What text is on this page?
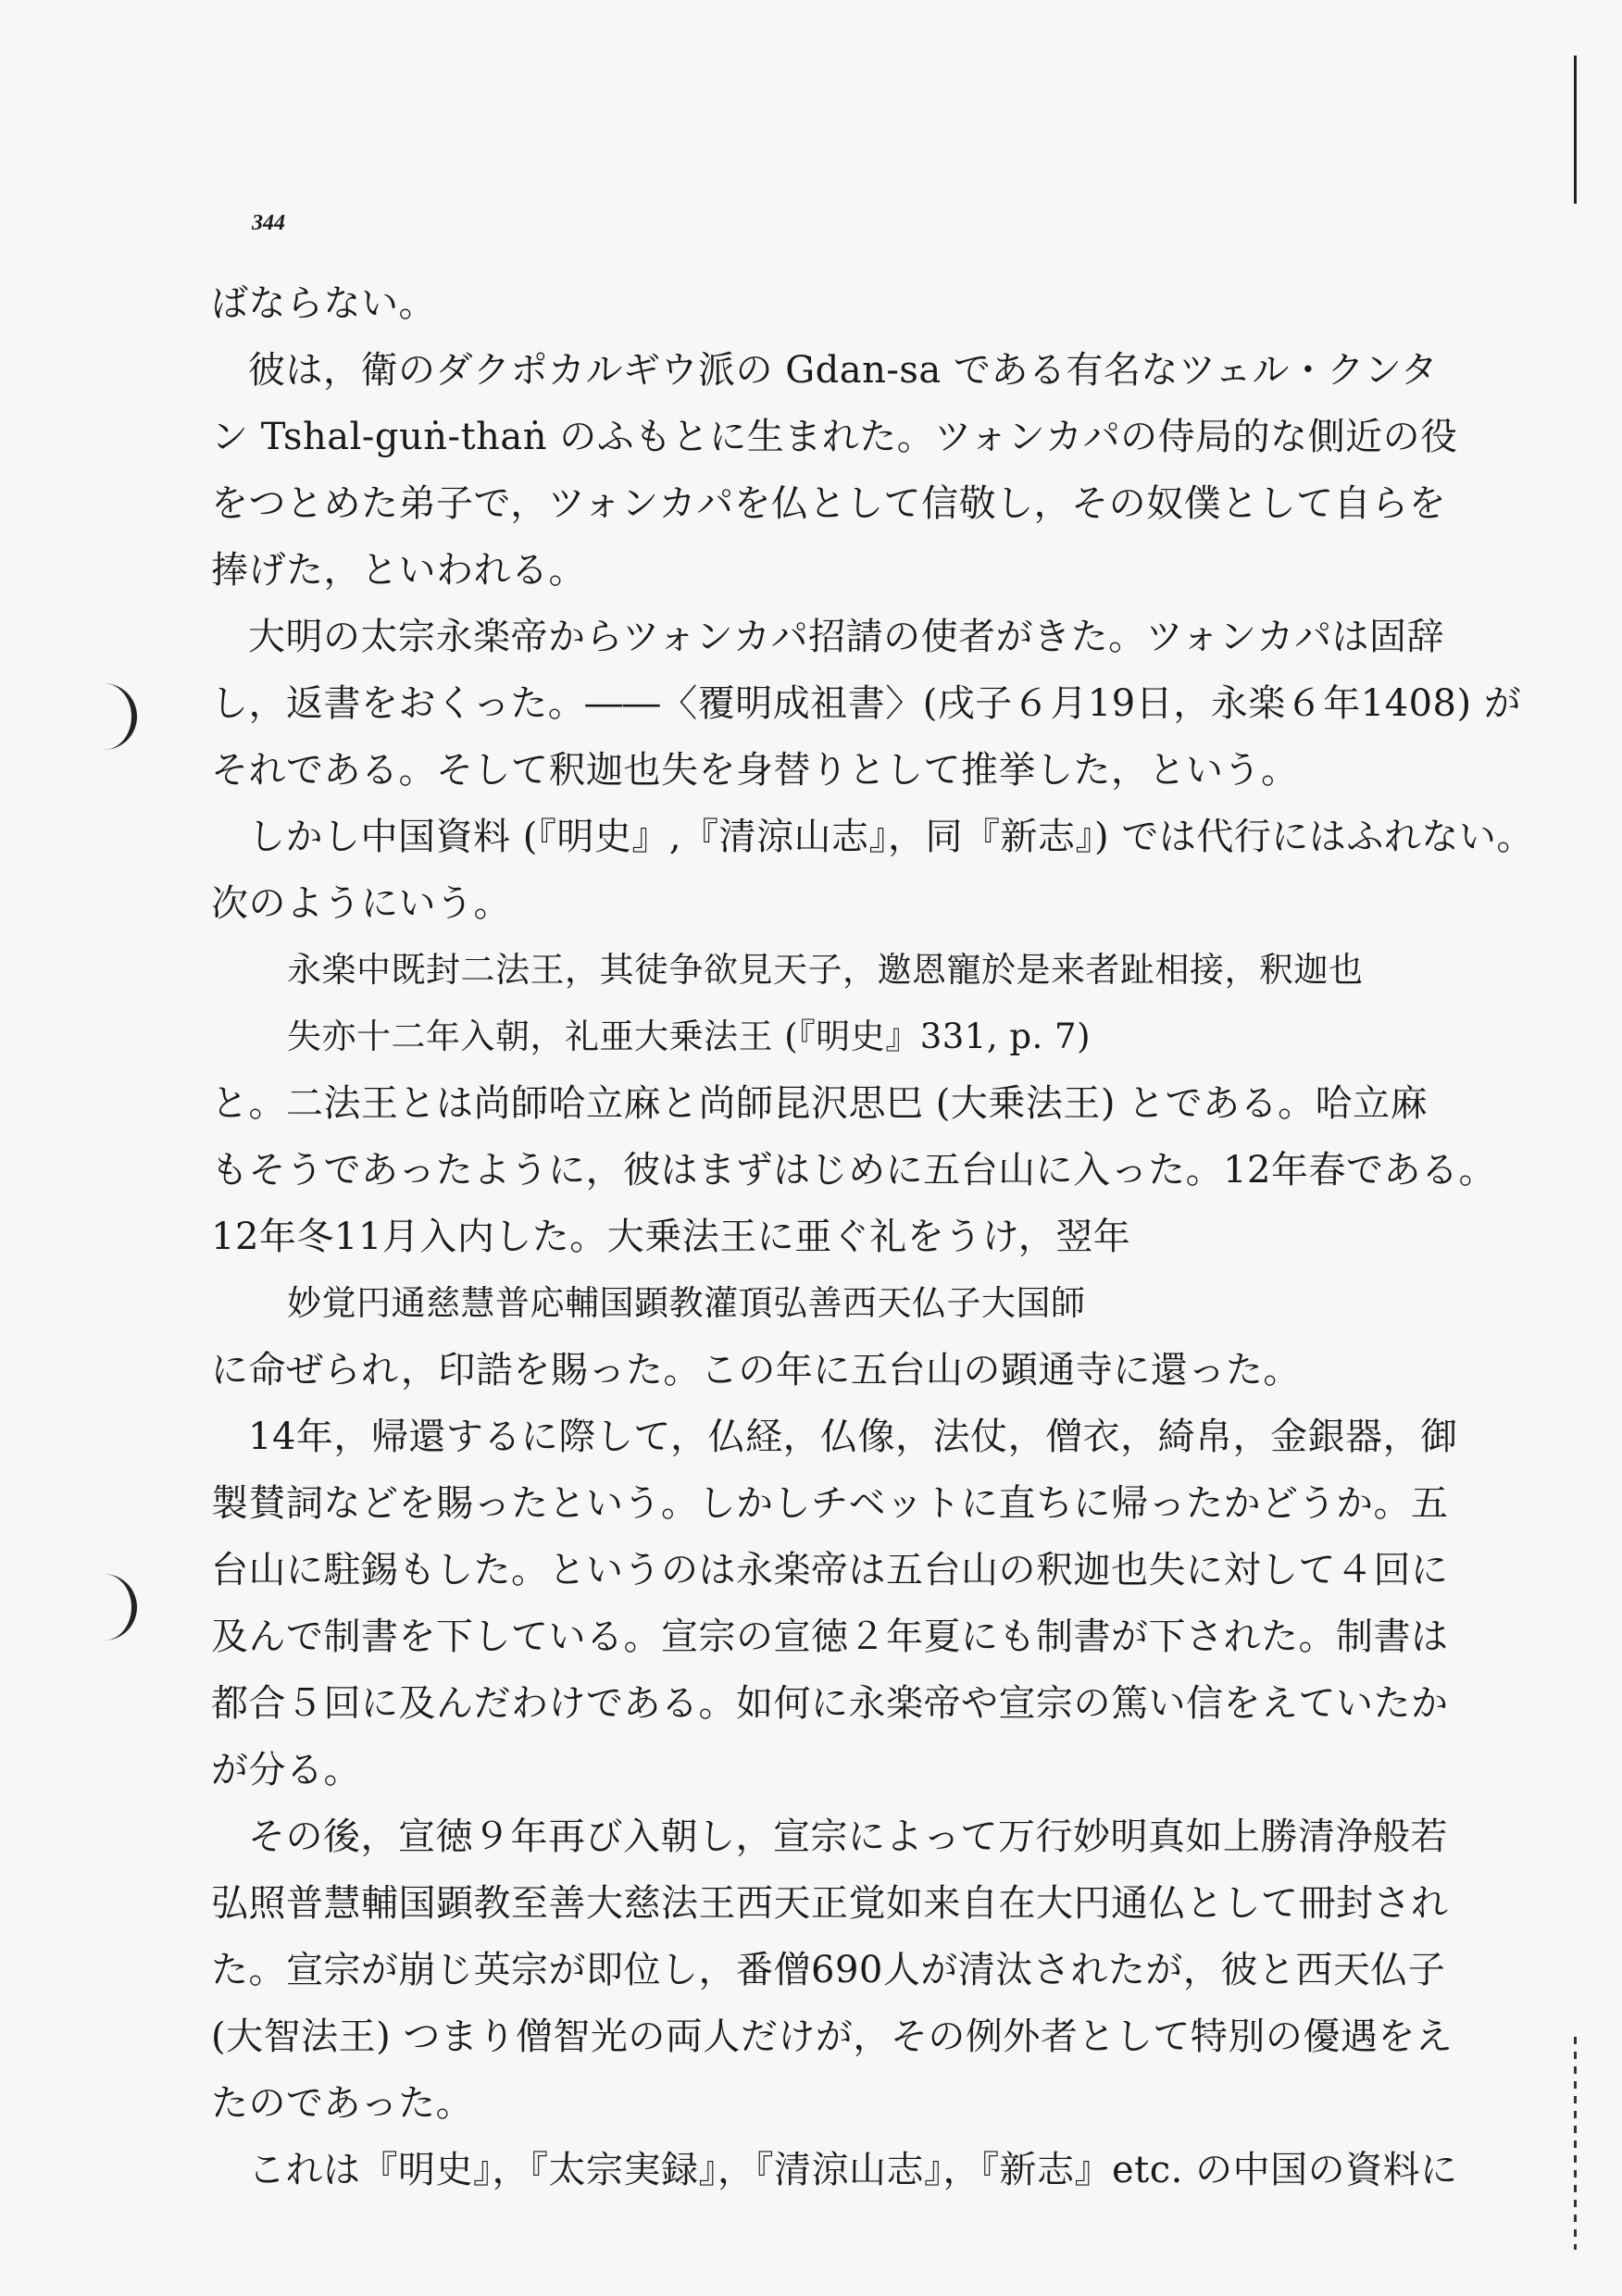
344
ばならない。
彼は，衛のダクポカルギウ派の Gdan-sa である有名なツェル・クンタ
ン Tshal-guṅ-thaṅ のふもとに生まれた。ツォンカパの侍局的な側近の役
をつとめた弟子で，ツォンカパを仏として信敬し，その奴僕として自らを
捧げた，といわれる。
大明の太宗永楽帝からツォンカパ招請の使者がきた。ツォンカパは固辞
し，返書をおくった。――〈覆明成祖書〉(戌子６月19日，永楽６年1408) が
それである。そして釈迦也失を身替りとして推挙した，という。
しかし中国資料 (『明史』,『清涼山志』，同『新志』) では代行にはふれない。
次のようにいう。
永楽中既封二法王，其徒争欲見天子，邀恩寵於是来者趾相接，釈迦也
失亦十二年入朝，礼亜大乗法王 (『明史』331, p. 7)
と。二法王とは尚師哈立麻と尚師昆沢思巴 (大乗法王) とである。哈立麻
もそうであったように，彼はまずはじめに五台山に入った。12年春である。
12年冬11月入内した。大乗法王に亜ぐ礼をうけ，翌年
妙覚円通慈慧普応輔国顕教灌頂弘善西天仏子大国師
に命ぜられ，印誥を賜った。この年に五台山の顕通寺に還った。
14年，帰還するに際して，仏経，仏像，法仗，僧衣，綺帛，金銀器，御
製賛詞などを賜ったという。しかしチベットに直ちに帰ったかどうか。五
台山に駐錫もした。というのは永楽帝は五台山の釈迦也失に対して４回に
及んで制書を下している。宣宗の宣徳２年夏にも制書が下された。制書は
都合５回に及んだわけである。如何に永楽帝や宣宗の篤い信をえていたか
が分る。
その後，宣徳９年再び入朝し，宣宗によって万行妙明真如上勝清浄般若
弘照普慧輔国顕教至善大慈法王西天正覚如来自在大円通仏として冊封され
た。宣宗が崩じ英宗が即位し，番僧690人が清汰されたが，彼と西天仏子
(大智法王) つまり僧智光の両人だけが，その例外者として特別の優遇をえ
たのであった。
これは『明史』，『太宗実録』，『清涼山志』，『新志』etc. の中国の資料に
